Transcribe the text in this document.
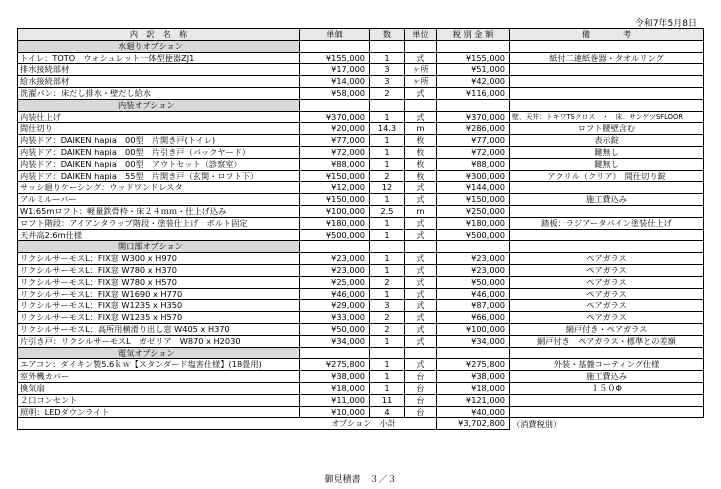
令和7年5月8日
内　訳　名　称	単価	数	単位	税 別 金 額	備　　　　考
水廻りオプション					
トイレ：TOTO　ウォシュレット一体型便器ZJ1	¥155,000	1	式	¥155,000	紙付二連紙巻器・タオルリング
排水接続部材	¥17,000	3	ヶ所	¥51,000	
給水接続部材	¥14,000	3	ヶ所	¥42,000	
洗濯パン：床だし排水・壁だし給水	¥58,000	2	式	¥116,000	
内装オプション					
内装仕上げ	¥370,000	1	式	¥370,000	壁、天井：トキワTSクロス　・　床：サンゲツSFLOOR
間仕切り	¥20,000	14.3	m	¥286,000	ロフト腰壁含む
内装ドア：DAIKEN hapia　00型　片開き戸(トイレ)	¥77,000	1	枚	¥77,000	表示錠
内装ドア：DAIKEN hapia　00型　片引き戸（バックヤード）	¥72,000	1	枚	¥72,000	鍵無し
内装ドア：DAIKEN hapia　00型　アウトセット（診察室）	¥88,000	1	枚	¥88,000	鍵無し
内装ドア：DAIKEN hapia　55型　片開き戸（玄関・ロフト下）	¥150,000	2	枚	¥300,000	アクリル（クリア）　間仕切り錠
サッシ廻りケーシング：ウッドワンドレスタ	¥12,000	12	式	¥144,000	
アルミルーバー	¥150,000	1	式	¥150,000	施工費込み
W1.65mロフト：軽量鉄骨枠・床２４ｍｍ・仕上げ込み	¥100,000	2.5	m	¥250,000	
ロフト階段：アイアンタラップ階段・塗装仕上げ　ボルト固定	¥180,000	1	式	¥180,000	踏板：ラジアータパイン塗装仕上げ
天井高2.6m仕様	¥500,000	1	式	¥500,000	
開口部オプション					
リクシルサーモスL：FIX窓 W300 x H970	¥23,000	1	式	¥23,000	ペアガラス
リクシルサーモスL：FIX窓 W780 x H370	¥23,000	1	式	¥23,000	ペアガラス
リクシルサーモスL：FIX窓 W780 x H570	¥25,000	2	式	¥50,000	ペアガラス
リクシルサーモスL：FIX窓 W1690 x H770	¥46,000	1	式	¥46,000	ペアガラス
リクシルサーモスL：FIX窓 W1235 x H350	¥29,000	3	式	¥87,000	ペアガラス
リクシルサーモスL：FIX窓 W1235 x H570	¥33,000	2	式	¥66,000	ペアガラス
リクシルサーモスL：高所用横滑り出し窓 W405 x H370	¥50,000	2	式	¥100,000	網戸付き・ペアガラス
片引き戸：リクシルサーモスL　ガゼリア　W870 x H2030	¥34,000	1	式	¥34,000	網戸付き　ペアガラス・標準との差額
電気オプション					
エアコン：ダイキン製5.6ｋｗ【スタンダード塩害仕様】(18畳用)	¥275,800	1	式	¥275,800	外装・基盤コーティング仕様
室外機カバー	¥38,000	1	台	¥38,000	施工費込み
換気扇	¥18,000	1	台	¥18,000	１５０Φ
２口コンセント	¥11,000	11	台	¥121,000	
照明：LEDダウンライト	¥10,000	4	台	¥40,000	
オプション　小計				¥3,702,800	（消費税別）
御見積書　３／３
